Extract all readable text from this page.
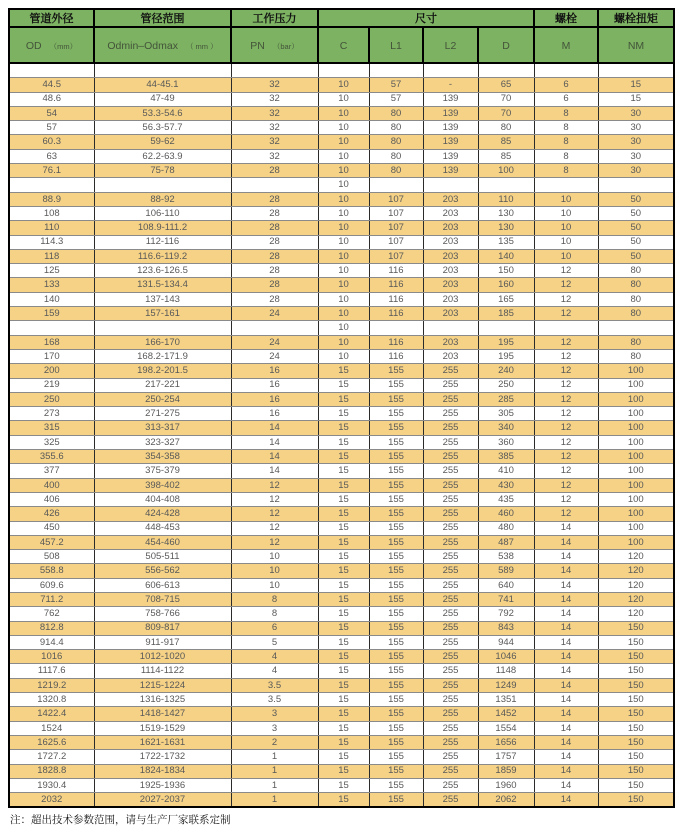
管道外径	管径范围	工作压力	尺寸				螺栓	螺栓扭矩
OD  （mm）	Odmin–Odmax  （ mm ）	PN  （bar）	C	L1	L2	D	M	NM

44.5	44-45.1	32	10	57	-	65	6	15
48.6	47-49	32	10	57	139	70	6	15
54	53.3-54.6	32	10	80	139	70	8	30
57	56.3-57.7	32	10	80	139	80	8	30
60.3	59-62	32	10	80	139	85	8	30
63	62.2-63.9	32	10	80	139	85	8	30
76.1	75-78	28	10	80	139	100	8	30
			10					
88.9	88-92	28	10	107	203	110	10	50
108	106-110	28	10	107	203	130	10	50
110	108.9-111.2	28	10	107	203	130	10	50
114.3	112-116	28	10	107	203	135	10	50
118	116.6-119.2	28	10	107	203	140	10	50
125	123.6-126.5	28	10	116	203	150	12	80
133	131.5-134.4	28	10	116	203	160	12	80
140	137-143	28	10	116	203	165	12	80
159	157-161	24	10	116	203	185	12	80
			10					
168	166-170	24	10	116	203	195	12	80
170	168.2-171.9	24	10	116	203	195	12	80
200	198.2-201.5	16	15	155	255	240	12	100
219	217-221	16	15	155	255	250	12	100
250	250-254	16	15	155	255	285	12	100
273	271-275	16	15	155	255	305	12	100
315	313-317	14	15	155	255	340	12	100
325	323-327	14	15	155	255	360	12	100
355.6	354-358	14	15	155	255	385	12	100
377	375-379	14	15	155	255	410	12	100
400	398-402	12	15	155	255	430	12	100
406	404-408	12	15	155	255	435	12	100
426	424-428	12	15	155	255	460	12	100
450	448-453	12	15	155	255	480	14	100
457.2	454-460	12	15	155	255	487	14	100
508	505-511	10	15	155	255	538	14	120
558.8	556-562	10	15	155	255	589	14	120
609.6	606-613	10	15	155	255	640	14	120
711.2	708-715	8	15	155	255	741	14	120
762	758-766	8	15	155	255	792	14	120
812.8	809-817	6	15	155	255	843	14	150
914.4	911-917	5	15	155	255	944	14	150
1016	1012-1020	4	15	155	255	1046	14	150
1117.6	1114-1122	4	15	155	255	1148	14	150
1219.2	1215-1224	3.5	15	155	255	1249	14	150
1320.8	1316-1325	3.5	15	155	255	1351	14	150
1422.4	1418-1427	3	15	155	255	1452	14	150
1524	1519-1529	3	15	155	255	1554	14	150
1625.6	1621-1631	2	15	155	255	1656	14	150
1727.2	1722-1732	1	15	155	255	1757	14	150
1828.8	1824-1834	1	15	155	255	1859	14	150
1930.4	1925-1936	1	15	155	255	1960	14	150
2032	2027-2037	1	15	155	255	2062	14	150
注：超出技术参数范围，请与生产厂家联系定制
